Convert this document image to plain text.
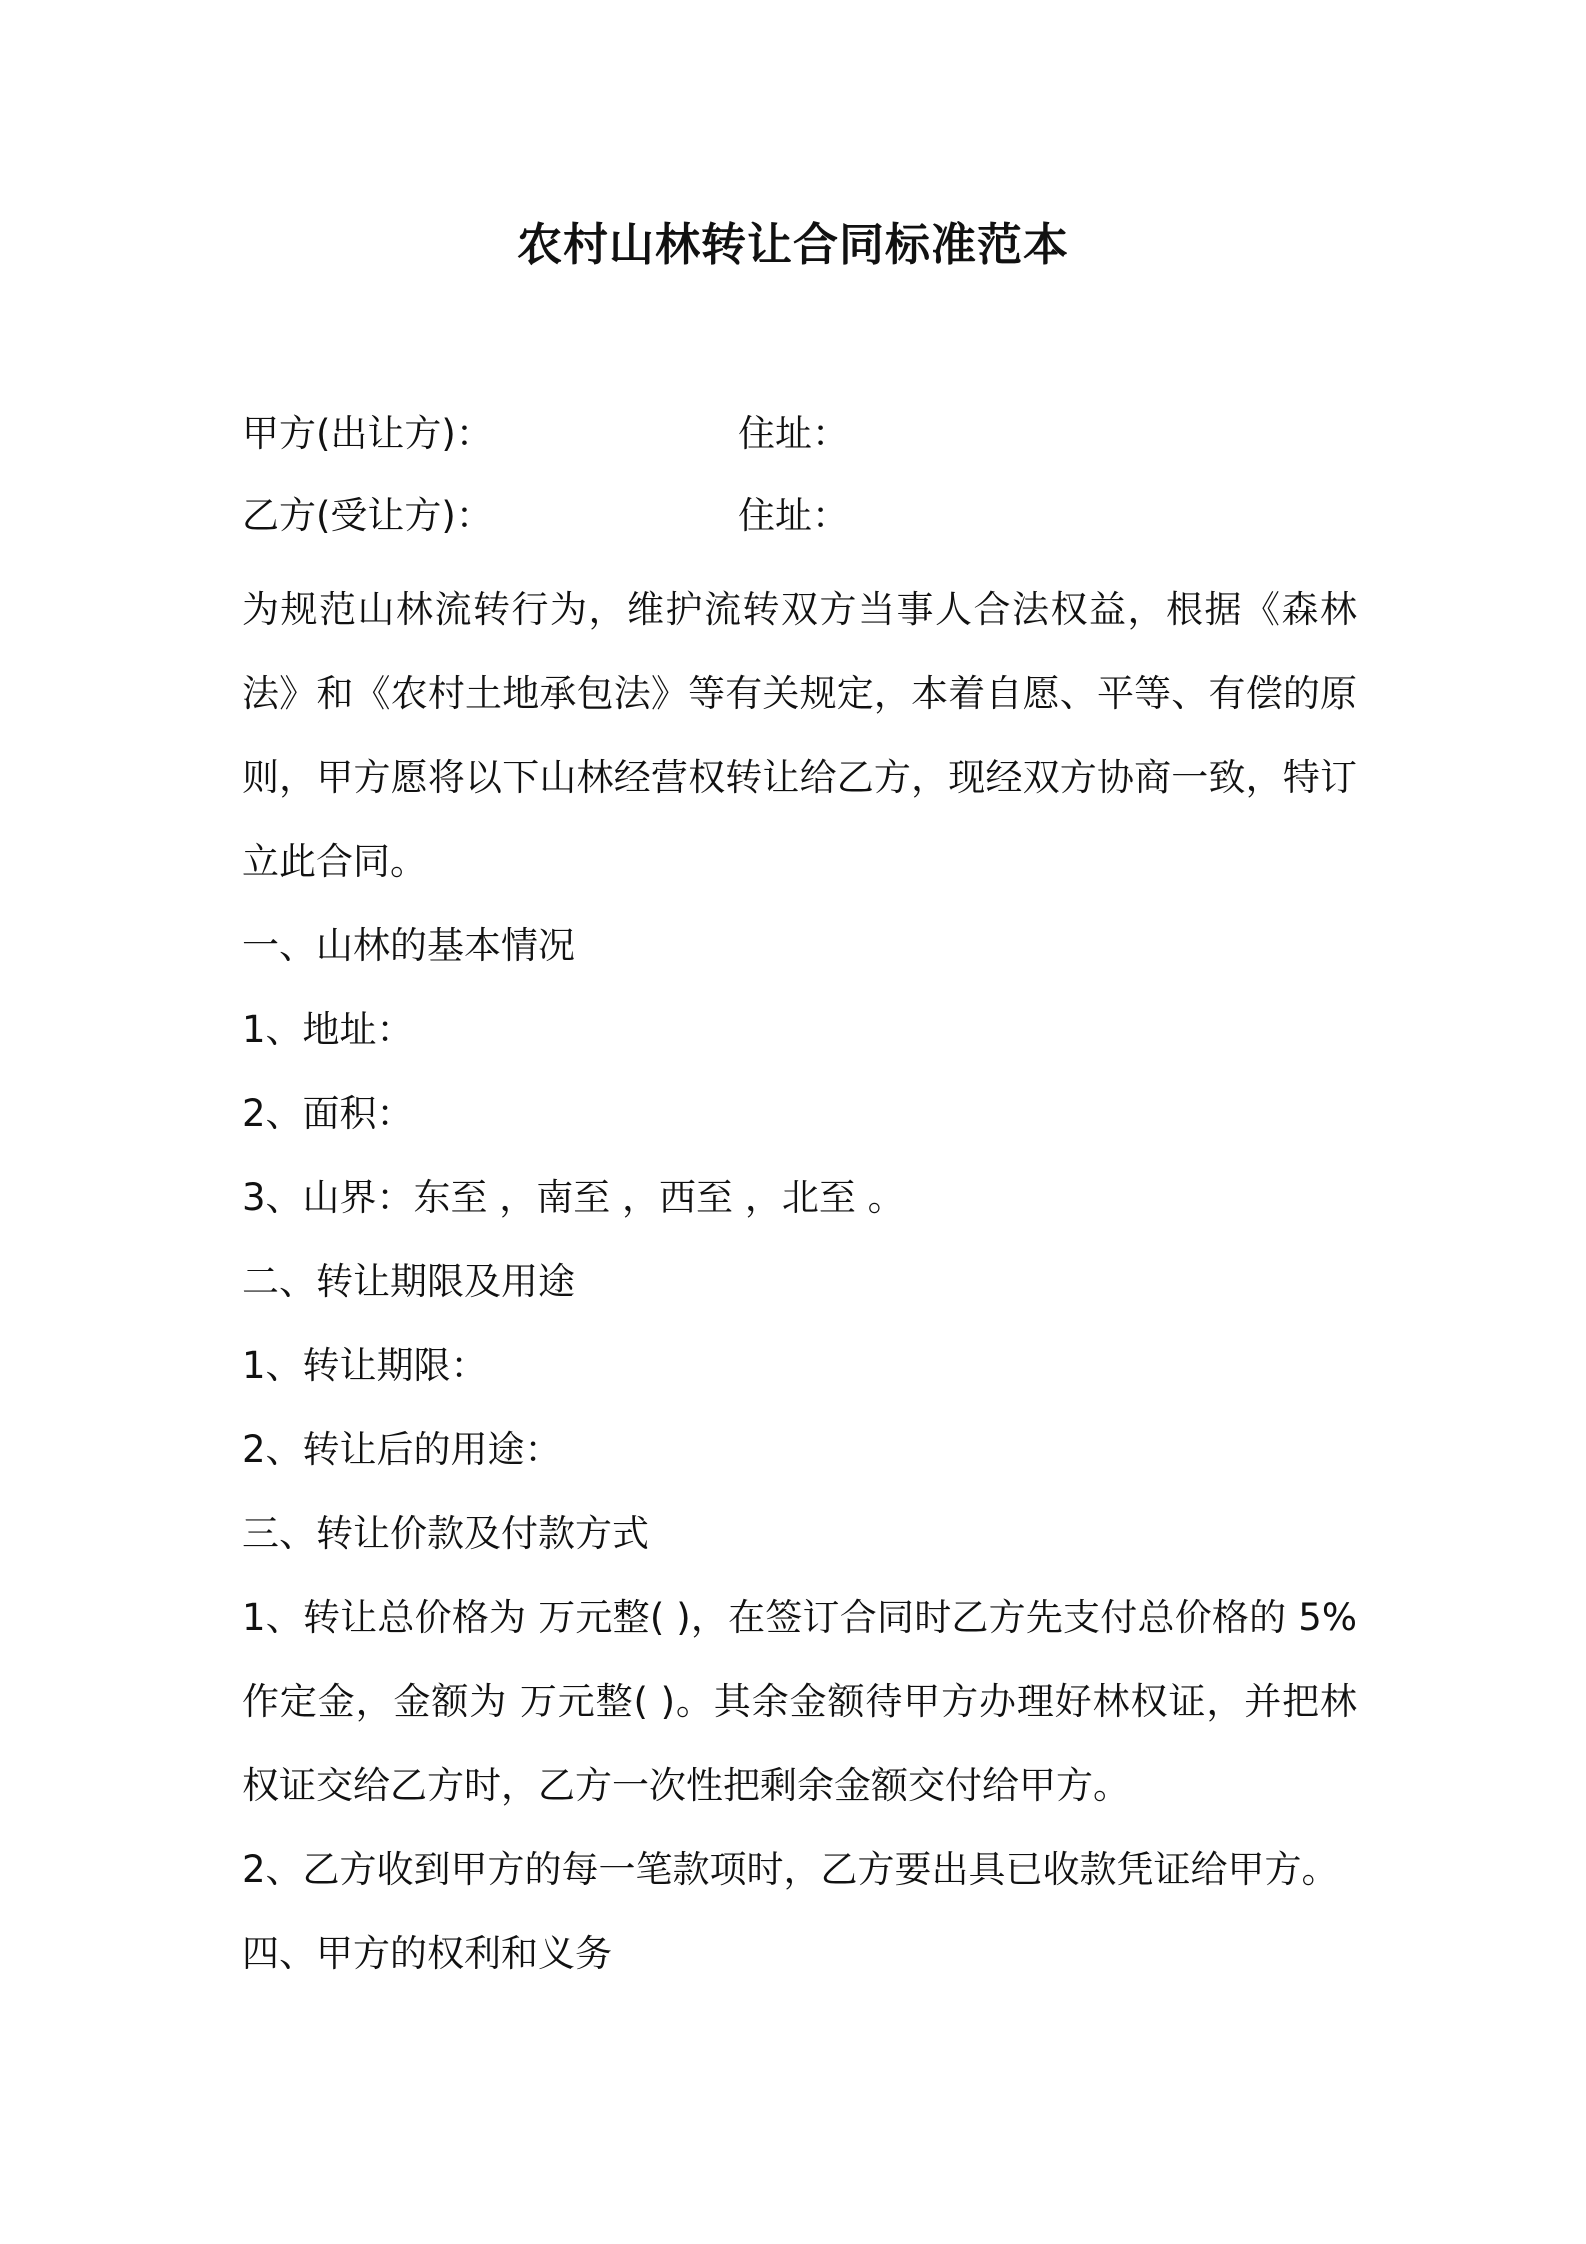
农村山林转让合同标准范本
甲方(出让方)：	住址：
乙方(受让方)：	住址：

为规范山林流转行为，维护流转双方当事人合法权益，根据《森林法》和《农村土地承包法》等有关规定，本着自愿、平等、有偿的原则，甲方愿将以下山林经营权转让给乙方，现经双方协商一致，特订立此合同。

一、山林的基本情况

1、地址：

2、面积：

3、山界：东至 ，南至 ，西至 ，北至 。

二、转让期限及用途

1、转让期限：

2、转让后的用途：

三、转让价款及付款方式

1、转让总价格为 万元整( )，在签订合同时乙方先支付总价格的 5%作定金，金额为 万元整( )。其余金额待甲方办理好林权证，并把林权证交给乙方时，乙方一次性把剩余金额交付给甲方。

2、乙方收到甲方的每一笔款项时，乙方要出具已收款凭证给甲方。

四、甲方的权利和义务
